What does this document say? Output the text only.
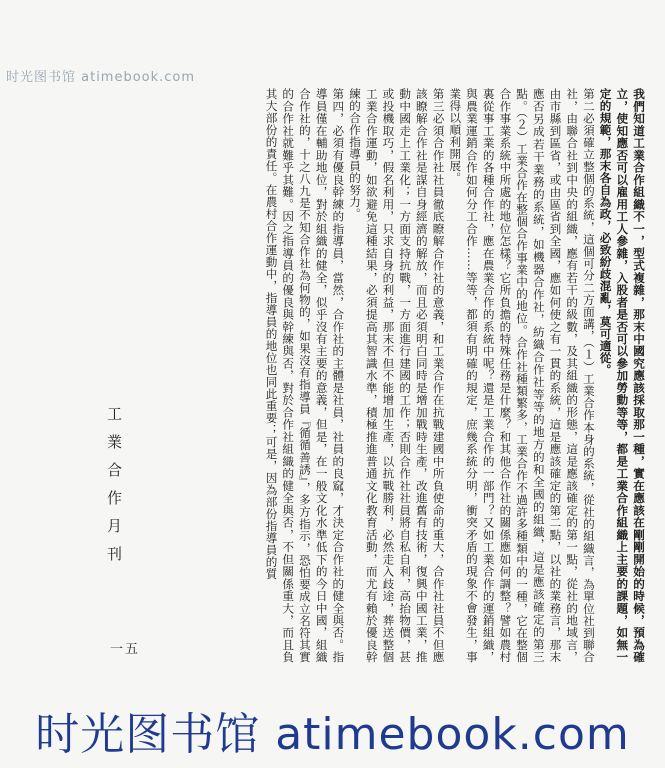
时光图书馆 atimebook.com

我們知道工業合作組織不一，型式複雜，那末中國究應該採取那一種，實在應該在剛剛開始的時候，預為確立，使知應否可以雇用工人參雜，入股者是否可以參加勞動等等，都是工業合作組織上主要的課題，如無一定的規範，那末各自為政，必致紛歧混亂，莫可適從。

第二必須確立整個的系統，這個可分二方面講，（１）工業合作本身的系統，從社的組織言，為單位社到聯合社，由聯合社到中央的組織，應有若干的級數，及其組織的形態，這是應該確定的第一點，從社的地域言，由市縣到區省，或由區省到全國，應如何使之有一貫的系統，這是應該確定的第二點，以社的業務言，那末應否另成若干業務的系統，如機器合作社，紡織合作社等等的地方的和全國的組織，這是應該確定的第三點。（２）工業合作在整個合作事業中的地位。合作社種類繁多，工業合作不過許多種類中的一種，它在整個合作事業系統中所處的地位怎樣？它所負擔的特殊任務是什麼？和其他合作社的關係應如何調整？譬如農村裏從事工業的各種合作社，應在農業合作的系統中呢？還是工業合作的一部門？又如工業合作的運銷組織，與農業運銷合作如何分工合作……等等，都須有明確的規定，庶幾系統分明，衝突矛盾的現象不會發生，事業得以順利開展。

第三必須合作社社員徹底瞭解合作社的意義，和工業合作在抗戰建國中所負使命的重大，合作社社員不但應該瞭解合作社是謀自身經濟的解放，而且必須明白同時是增加戰時生產，改進舊有技術，復興中國工業，推動中國走上工業化；一方面支持抗戰，一方面進行建國的工作；否則合作社社員將自私自利，高抬物價，甚或投機取巧，假名利用，只求自身的利益，那末不但不能增加生產，以抗戰勝利，必然走入歧途，葬送整個工業合作運動，如欲避免這種結果，必須提高其智識水準，積極推進普通文化教育活動，而尤有賴於優良幹練的合作指導員的努力。

第四，必須有優良幹練的指導員，當然，合作社的主體是社員，社員的良窳，才決定合作社的健全與否。指導員僅在輔助地位，對於組織的健全，似乎沒有主要的意義，但是，在一般文化水準低下的今日中國，組織合作社的，十之八九是不知合作社為何物的，如果沒有指導員『循循善誘』，多方指示，恐怕要成立名符其實的合作社就難乎其難。因之指導員的優良與幹練與否，對於合作社組織的健全與否，不但關係重大，而且負其大部份的責任。在農村合作運動中，指導員的地位也同此重要；可是，因為部份指導員的質

工業合作月刊
一五
时光图书馆 atimebook.com
